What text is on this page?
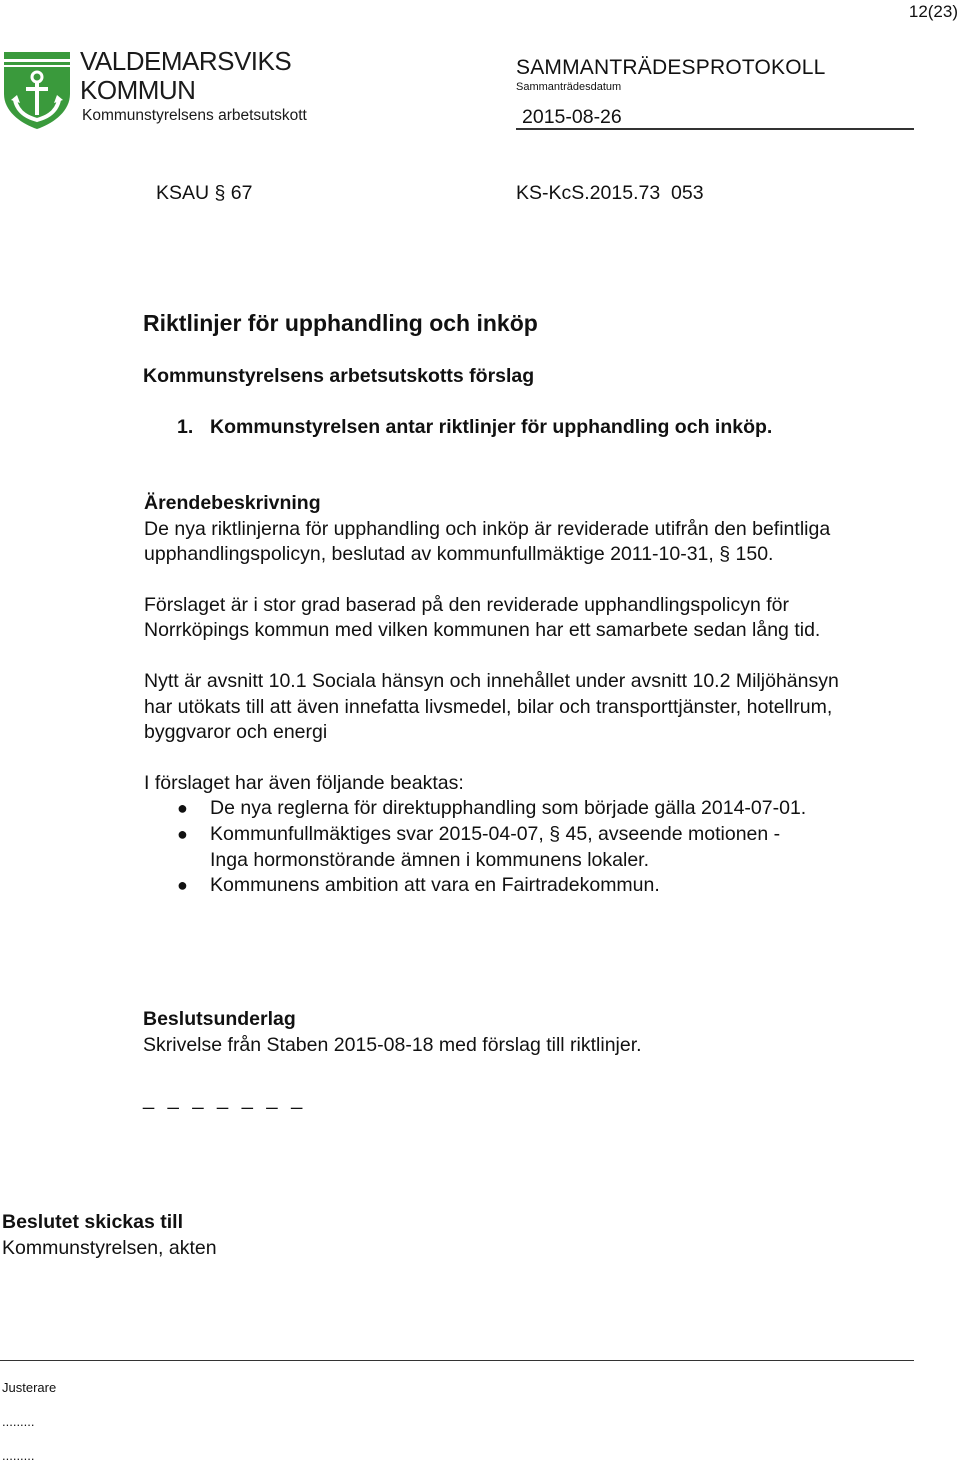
12(23)
VALDEMARSVIKS
KOMMUN
Kommunstyrelsens arbetsutskott
SAMMANTRÄDESPROTOKOLL
Sammanträdesdatum
2015-08-26
KSAU § 67	KS-KcS.2015.73  053
Riktlinjer för upphandling och inköp
Kommunstyrelsens arbetsutskotts förslag
1. Kommunstyrelsen antar riktlinjer för upphandling och inköp.
Ärendebeskrivning

De nya riktlinjerna för upphandling och inköp är reviderade utifrån den befintliga upphandlingspolicyn, beslutad av kommunfullmäktige 2011-10-31, § 150.

Förslaget är i stor grad baserad på den reviderade upphandlingspolicyn för Norrköpings kommun med vilken kommunen har ett samarbete sedan lång tid.

Nytt är avsnitt 10.1 Sociala hänsyn och innehållet under avsnitt 10.2 Miljöhänsyn har utökats till att även innefatta livsmedel, bilar och transporttjänster, hotellrum, byggvaror och energi

I förslaget har även följande beaktas:

●	De nya reglerna för direktupphandling som började gälla 2014-07-01.
●	Kommunfullmäktiges svar 2015-04-07, § 45, avseende motionen - Inga hormonstörande ämnen i kommunens lokaler.
●	Kommunens ambition att vara en Fairtradekommun.
Beslutsunderlag
Skrivelse från Staben 2015-08-18 med förslag till riktlinjer.
_ _ _ _ _ _ _
Beslutet skickas till
Kommunstyrelsen, akten
Justerare
.........
.........
